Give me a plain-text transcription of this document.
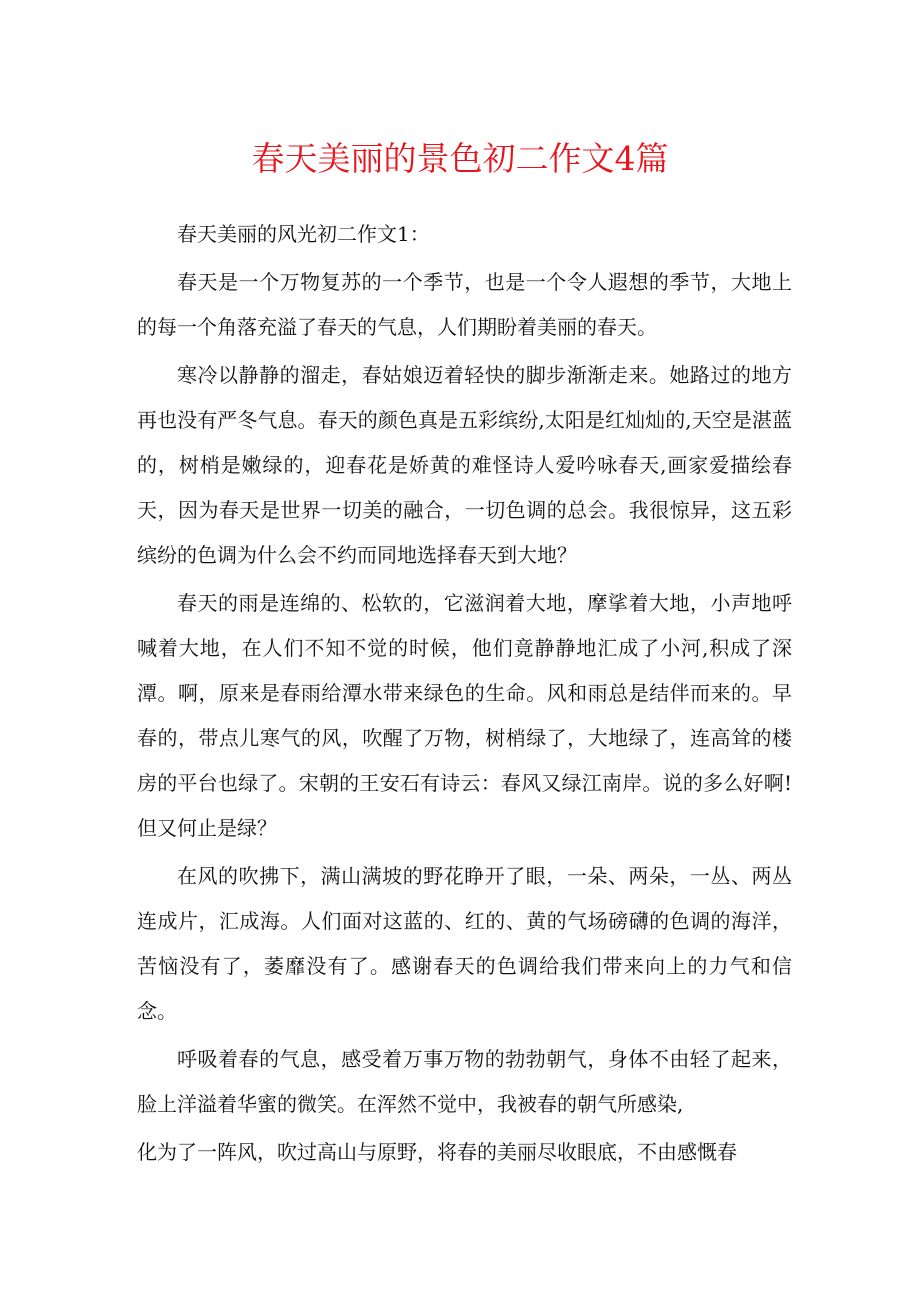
春天美丽的景色初二作文4篇

春天美丽的风光初二作文1：

春天是一个万物复苏的一个季节，也是一个令人遐想的季节，大地上的每一个角落充溢了春天的气息，人们期盼着美丽的春天。

寒冷以静静的溜走，春姑娘迈着轻快的脚步渐渐走来。她路过的地方再也没有严冬气息。春天的颜色真是五彩缤纷,太阳是红灿灿的,天空是湛蓝的，树梢是嫩绿的，迎春花是娇黄的难怪诗人爱吟咏春天,画家爱描绘春天，因为春天是世界一切美的融合，一切色调的总会。我很惊异，这五彩缤纷的色调为什么会不约而同地选择春天到大地？

春天的雨是连绵的、松软的，它滋润着大地，摩挲着大地，小声地呼喊着大地，在人们不知不觉的时候，他们竟静静地汇成了小河,积成了深潭。啊，原来是春雨给潭水带来绿色的生命。风和雨总是结伴而来的。早春的，带点儿寒气的风，吹醒了万物，树梢绿了，大地绿了，连高耸的楼房的平台也绿了。宋朝的王安石有诗云：春风又绿江南岸。说的多么好啊!但又何止是绿？

在风的吹拂下，满山满坡的野花睁开了眼，一朵、两朵，一丛、两丛连成片，汇成海。人们面对这蓝的、红的、黄的气场磅礴的色调的海洋，苦恼没有了，萎靡没有了。感谢春天的色调给我们带来向上的力气和信念。

呼吸着春的气息，感受着万事万物的勃勃朝气，身体不由轻了起来，脸上洋溢着华蜜的微笑。在浑然不觉中，我被春的朝气所感染,

化为了一阵风，吹过高山与原野，将春的美丽尽收眼底，不由感慨春
